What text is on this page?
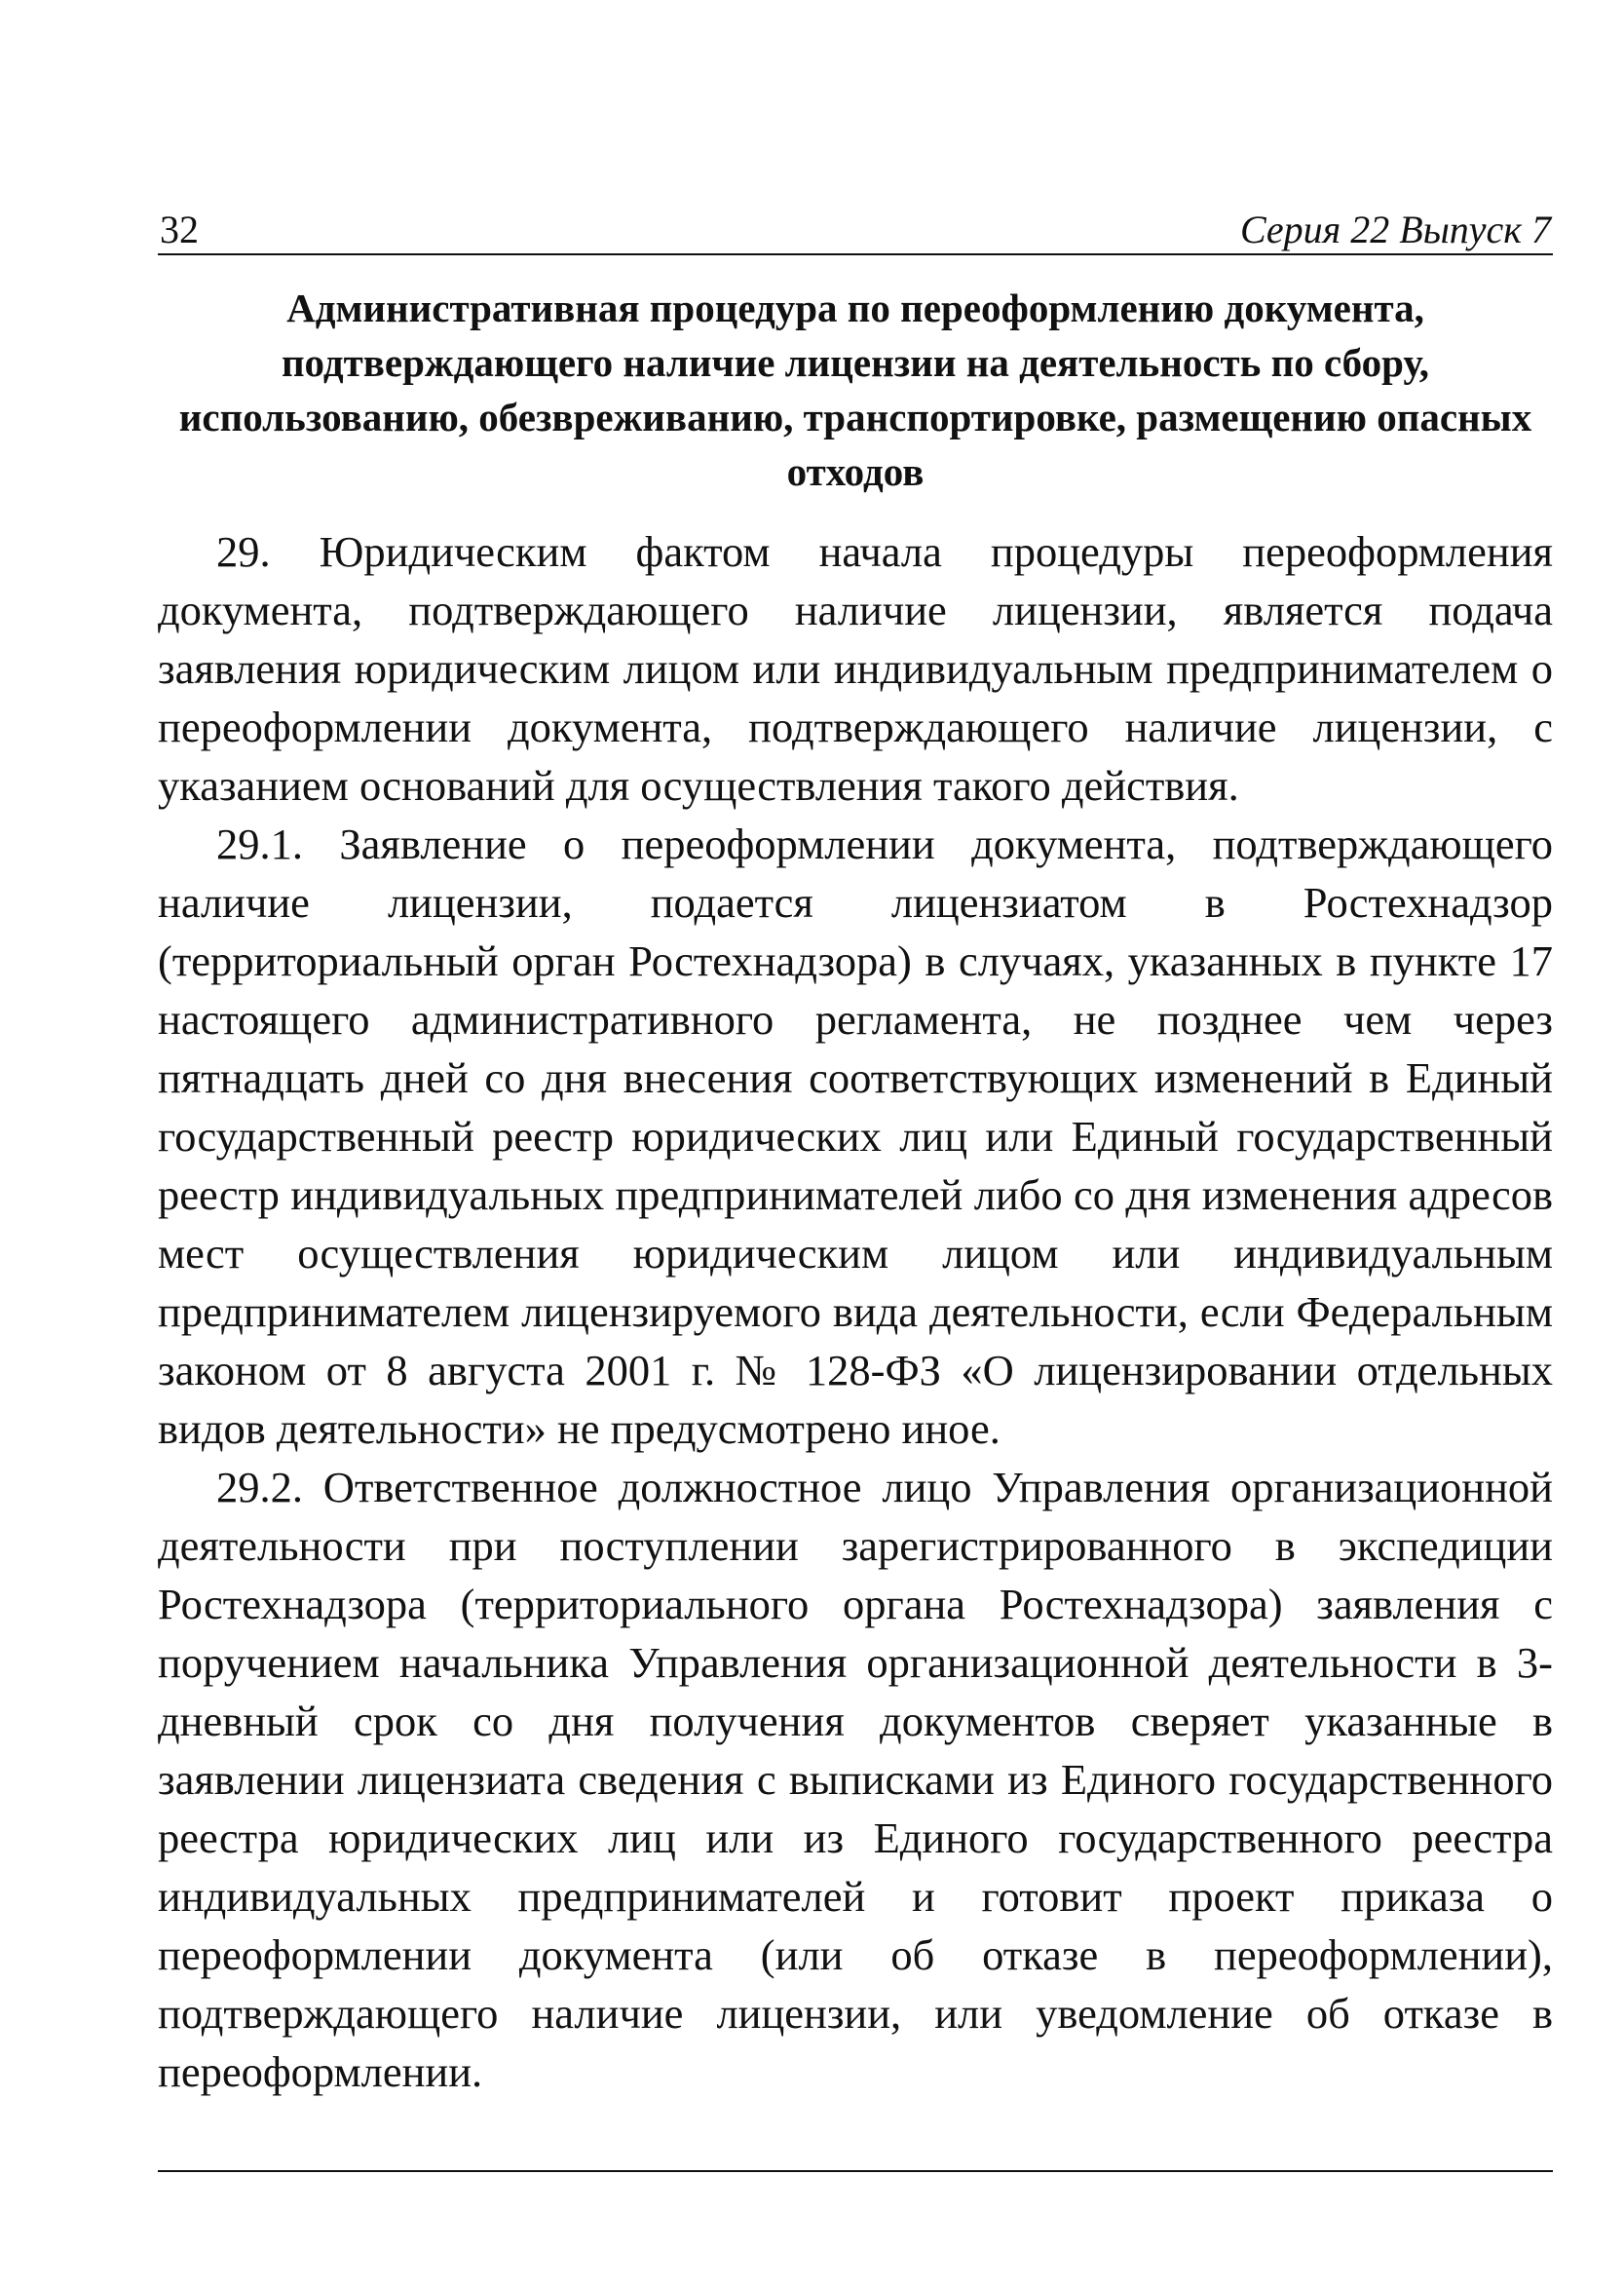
32	Серия 22 Выпуск 7
Административная процедура по переоформлению документа, подтверждающего наличие лицензии на деятельность по сбору, использованию, обезвреживанию, транспортировке, размещению опасных отходов

29. Юридическим фактом начала процедуры переоформления документа, подтверждающего наличие лицензии, является подача заявления юридическим лицом или индивидуальным предпринимателем о переоформлении документа, подтверждающего наличие лицензии, с указанием оснований для осуществления такого действия.

29.1. Заявление о переоформлении документа, подтверждающего наличие лицензии, подается лицензиатом в Ростехнадзор (территориальный орган Ростехнадзора) в случаях, указанных в пункте 17 настоящего административного регламента, не позднее чем через пятнадцать дней со дня внесения соответствующих изменений в Единый государственный реестр юридических лиц или Единый государственный реестр индивидуальных предпринимателей либо со дня изменения адресов мест осуществления юридическим лицом или индивидуальным предпринимателем лицензируемого вида деятельности, если Федеральным законом от 8 августа 2001 г. № 128-ФЗ «О лицензировании отдельных видов деятельности» не предусмотрено иное.

29.2. Ответственное должностное лицо Управления организационной деятельности при поступлении зарегистрированного в экспедиции Ростехнадзора (территориального органа Ростехнадзора) заявления с поручением начальника Управления организационной деятельности в 3-дневный срок со дня получения документов сверяет указанные в заявлении лицензиата сведения с выписками из Единого государственного реестра юридических лиц или из Единого государственного реестра индивидуальных предпринимателей и готовит проект приказа о переоформлении документа (или об отказе в переоформлении), подтверждающего наличие лицензии, или уведомление об отказе в переоформлении.
